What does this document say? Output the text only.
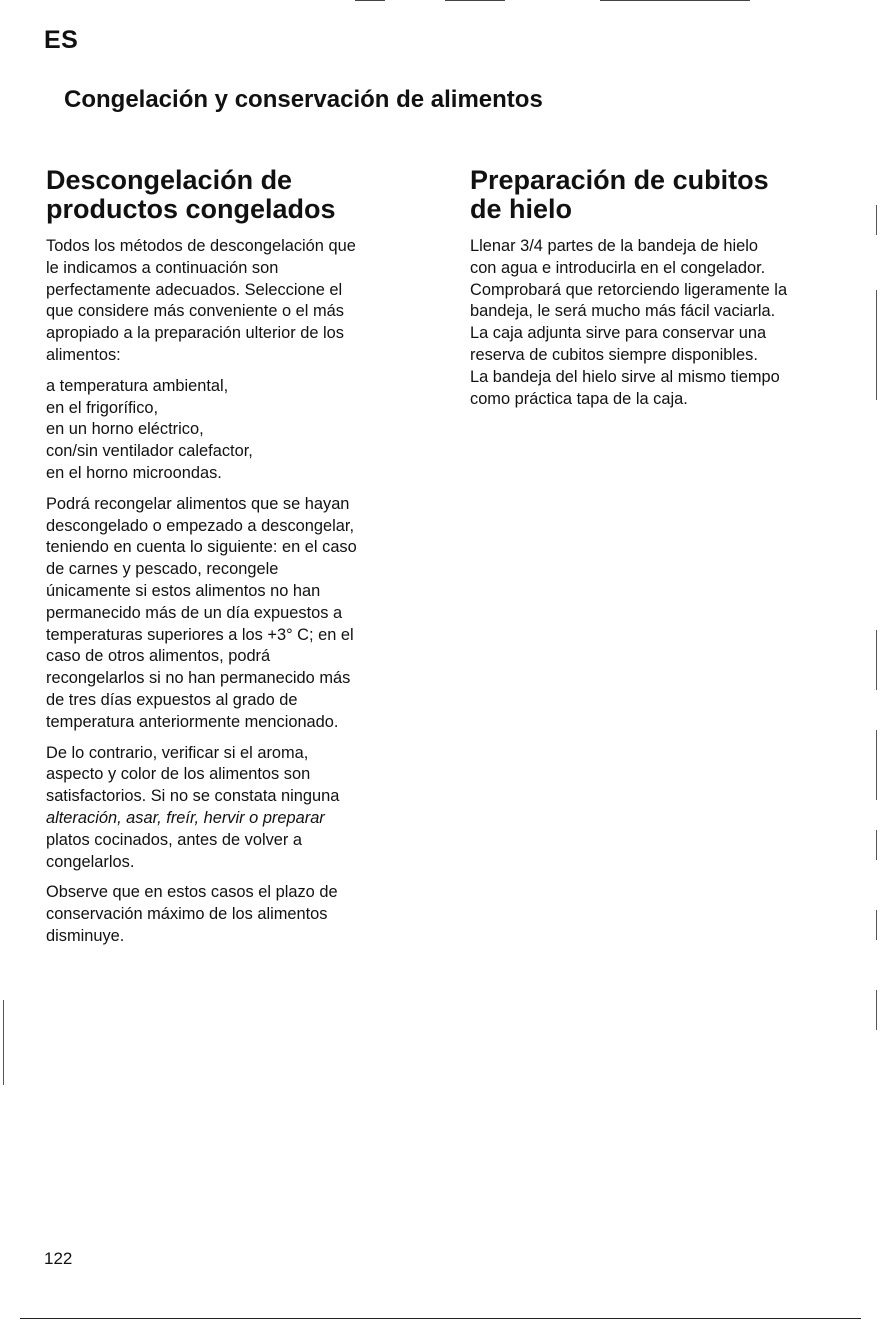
ES
Congelación y conservación de alimentos
Descongelación de
productos congelados

Todos los métodos de descongelación que
le indicamos a continuación son
perfectamente adecuados. Seleccione el
que considere más conveniente o el más
apropiado a la preparación ulterior de los
alimentos:

a temperatura ambiental,
en el frigorífico,
en un horno eléctrico,
con/sin ventilador calefactor,
en el horno microondas.

Podrá recongelar alimentos que se hayan
descongelado o empezado a descongelar,
teniendo en cuenta lo siguiente: en el caso
de carnes y pescado, recongele
únicamente si estos alimentos no han
permanecido más de un día expuestos a
temperaturas superiores a los +3° C; en el
caso de otros alimentos, podrá
recongelarlos si no han permanecido más
de tres días expuestos al grado de
temperatura anteriormente mencionado.

De lo contrario, verificar si el aroma,
aspecto y color de los alimentos son
satisfactorios. Si no se constata ninguna
alteración, asar, freír, hervir o preparar
platos cocinados, antes de volver a
congelarlos.

Observe que en estos casos el plazo de
conservación máximo de los alimentos
disminuye.

Preparación de cubitos
de hielo

Llenar 3/4 partes de la bandeja de hielo
con agua e introducirla en el congelador.
Comprobará que retorciendo ligeramente la
bandeja, le será mucho más fácil vaciarla.
La caja adjunta sirve para conservar una
reserva de cubitos siempre disponibles.
La bandeja del hielo sirve al mismo tiempo
como práctica tapa de la caja.

122
